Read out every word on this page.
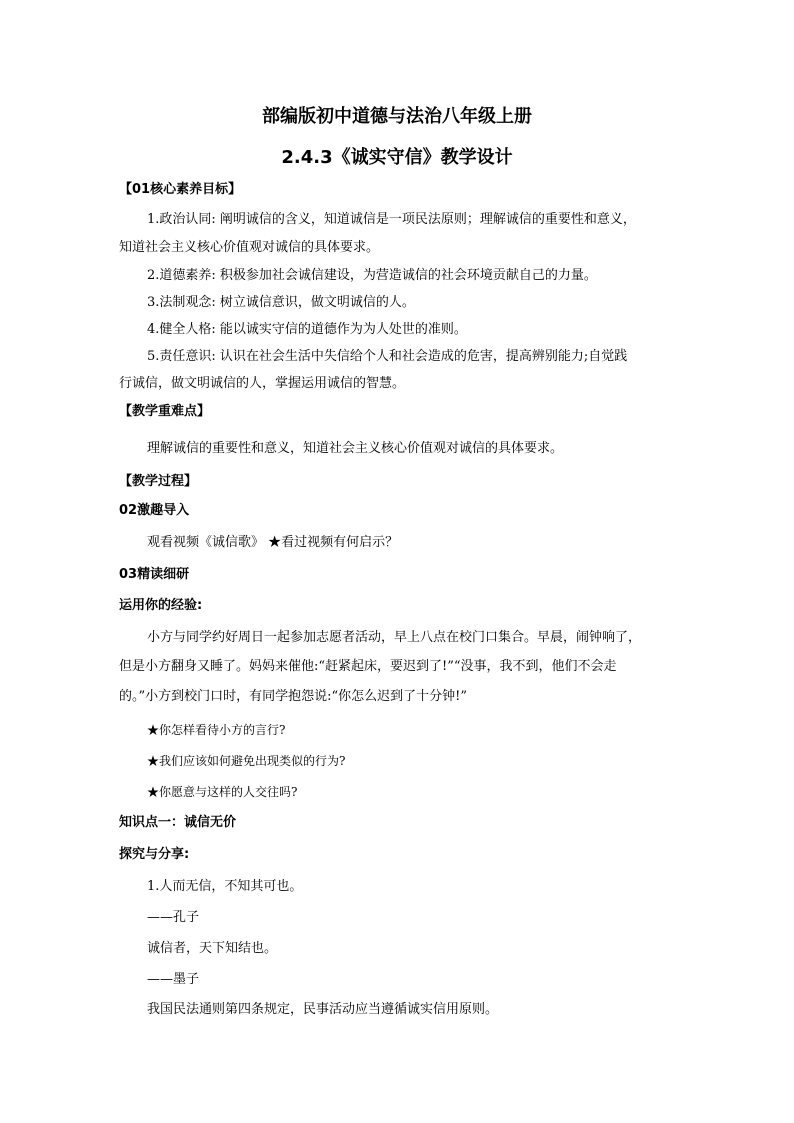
部编版初中道德与法治八年级上册
2.4.3《诚实守信》教学设计
【01核心素养目标】
1.政治认同: 阐明诚信的含义，知道诚信是一项民法原则；理解诚信的重要性和意义，
知道社会主义核心价值观对诚信的具体要求。
2.道德素养: 积极参加社会诚信建设，为营造诚信的社会环境贡献自己的力量。
3.法制观念: 树立诚信意识，做文明诚信的人。
4.健全人格: 能以诚实守信的道德作为为人处世的准则。
5.责任意识: 认识在社会生活中失信给个人和社会造成的危害，提高辨别能力;自觉践
行诚信，做文明诚信的人，掌握运用诚信的智慧。
【教学重难点】
理解诚信的重要性和意义，知道社会主义核心价值观对诚信的具体要求。
【教学过程】
02激趣导入
观看视频《诚信歌》 ★看过视频有何启示？
03精读细研
运用你的经验:
小方与同学约好周日一起参加志愿者活动，早上八点在校门口集合。早晨，闹钟响了，
但是小方翻身又睡了。妈妈来催他:“赶紧起床，要迟到了!”“没事，我不到，他们不会走
的。”小方到校门口时，有同学抱怨说:“你怎么迟到了十分钟!”
★你怎样看待小方的言行?
★我们应该如何避免出现类似的行为?
★你愿意与这样的人交往吗?
知识点一：诚信无价
探究与分享:
1.人而无信，不知其可也。
——孔子
诚信者，天下知结也。
——墨子
我国民法通则第四条规定，民事活动应当遵循诚实信用原则。
